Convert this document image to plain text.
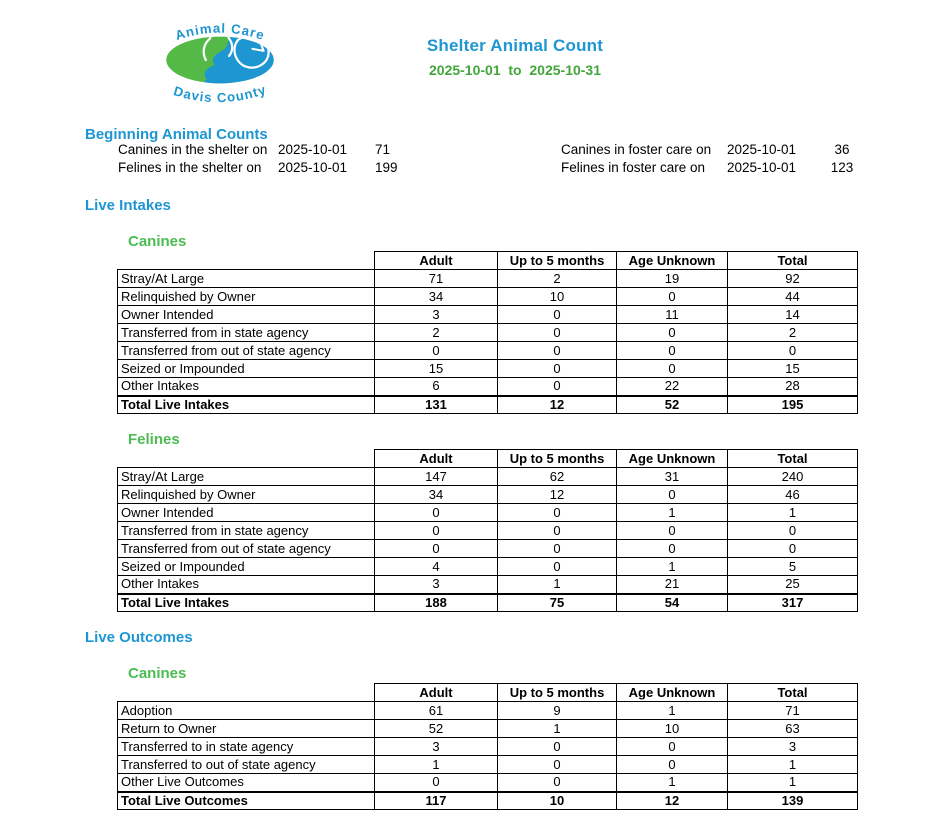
Animal Care
Davis County
Shelter Animal Count
2025-10-01  to  2025-10-31
Beginning Animal Counts
Canines in the shelter on 2025-10-01	71
Felines in the shelter on	2025-10-01	199
Canines in foster care on	2025-10-01	36
Felines in foster care on	2025-10-01	123
Live Intakes
Canines
	Adult	Up to 5 months	Age Unknown	Total
Stray/At Large	71	2	19	92
Relinquished by Owner	34	10	0	44
Owner Intended	3	0	11	14
Transferred from in state agency	2	0	0	2
Transferred from out of state agency	0	0	0	0
Seized or Impounded	15	0	0	15
Other Intakes	6	0	22	28
Total Live Intakes	131	12	52	195
Felines
	Adult	Up to 5 months	Age Unknown	Total
Stray/At Large	147	62	31	240
Relinquished by Owner	34	12	0	46
Owner Intended	0	0	1	1
Transferred from in state agency	0	0	0	0
Transferred from out of state agency	0	0	0	0
Seized or Impounded	4	0	1	5
Other Intakes	3	1	21	25
Total Live Intakes	188	75	54	317
Live Outcomes
Canines
	Adult	Up to 5 months	Age Unknown	Total
Adoption	61	9	1	71
Return to Owner	52	1	10	63
Transferred to in state agency	3	0	0	3
Transferred to out of state agency	1	0	0	1
Other Live Outcomes	0	0	1	1
Total Live Outcomes	117	10	12	139
